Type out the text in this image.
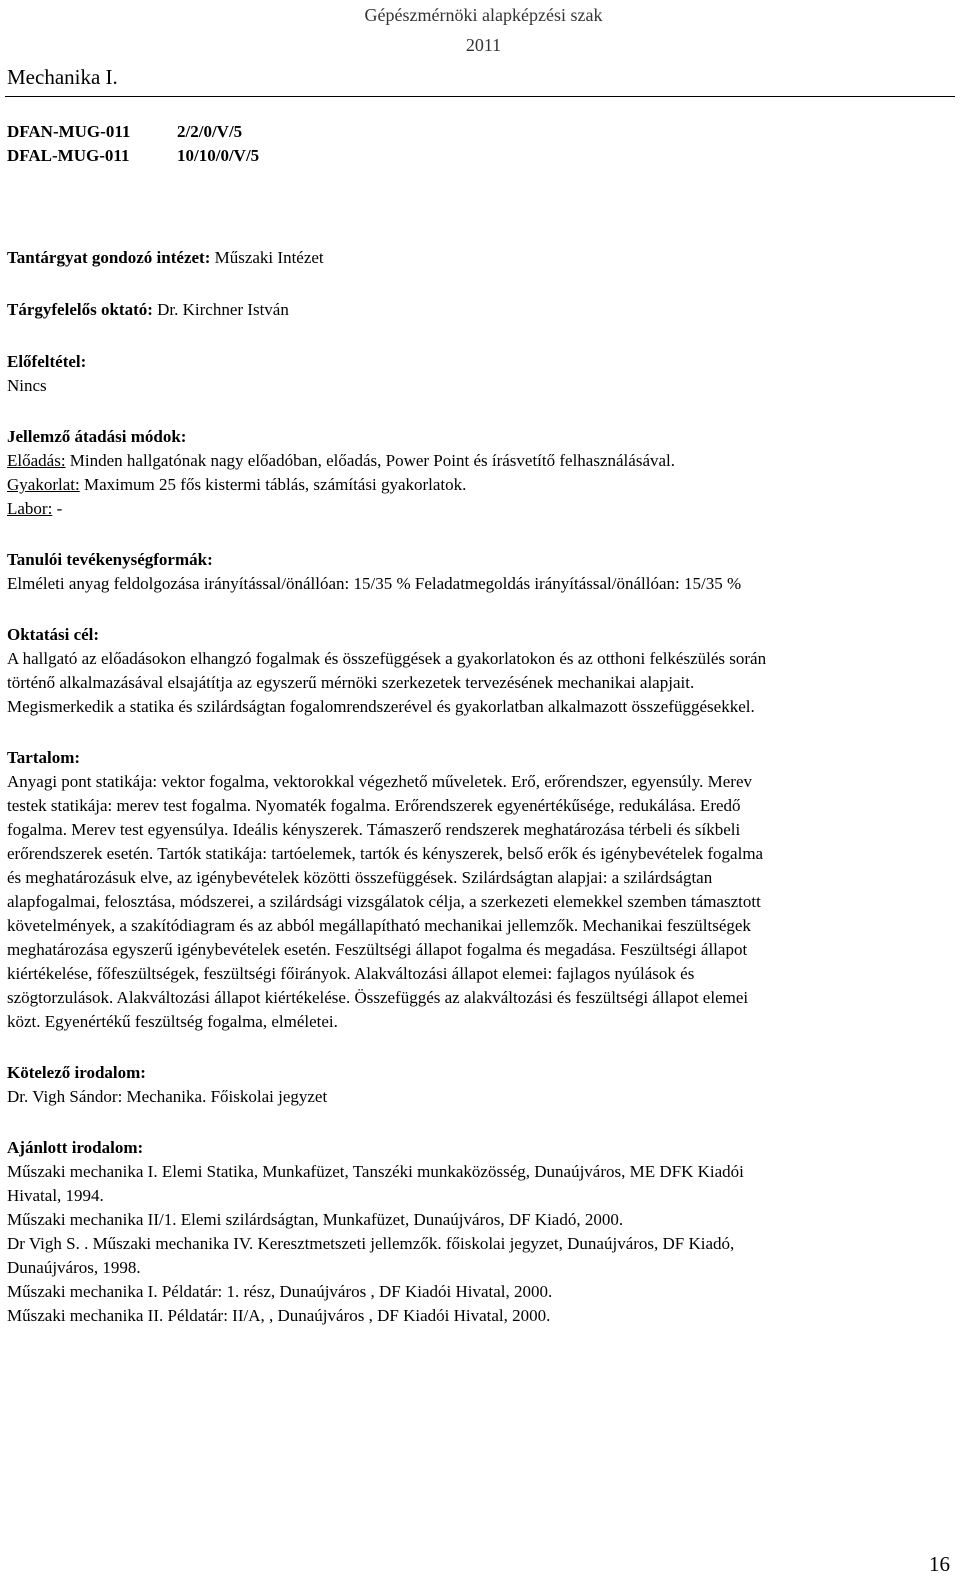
Gépészmérnöki alapképzési szak
2011
Mechanika I.
DFAN-MUG-011	2/2/0/V/5
DFAL-MUG-011	10/10/0/V/5
Tantárgyat gondozó intézet: Műszaki Intézet
Tárgyfelelős oktató: Dr. Kirchner István
Előfeltétel:
Nincs
Jellemző átadási módok:
Előadás: Minden hallgatónak nagy előadóban, előadás, Power Point és írásvetítő felhasználásával.
Gyakorlat: Maximum 25 fős kistermi táblás, számítási gyakorlatok.
Labor: -
Tanulói tevékenységformák:
Elméleti anyag feldolgozása irányítással/önállóan: 15/35 % Feladatmegoldás irányítással/önállóan: 15/35 %
Oktatási cél:
A hallgató az előadásokon elhangzó fogalmak és összefüggések a gyakorlatokon és az otthoni felkészülés során
történő alkalmazásával elsajátítja az egyszerű mérnöki szerkezetek tervezésének mechanikai alapjait.
Megismerkedik a statika és szilárdságtan fogalomrendszerével és gyakorlatban alkalmazott összefüggésekkel.
Tartalom:
Anyagi pont statikája: vektor fogalma, vektorokkal végezhető műveletek. Erő, erőrendszer, egyensúly. Merev
testek statikája: merev test fogalma. Nyomaték fogalma. Erőrendszerek egyenértékűsége, redukálása. Eredő
fogalma. Merev test egyensúlya. Ideális kényszerek. Támaszerő rendszerek meghatározása térbeli és síkbeli
erőrendszerek esetén. Tartók statikája: tartóelemek, tartók és kényszerek, belső erők és igénybevételek fogalma
és meghatározásuk elve, az igénybevételek közötti összefüggések. Szilárdságtan alapjai: a szilárdságtan
alapfogalmai, felosztása, módszerei, a szilárdsági vizsgálatok célja, a szerkezeti elemekkel szemben támasztott
követelmények, a szakítódiagram és az abból megállapítható mechanikai jellemzők. Mechanikai feszültségek
meghatározása egyszerű igénybevételek esetén. Feszültségi állapot fogalma és megadása. Feszültségi állapot
kiértékelése, főfeszültségek, feszültségi főirányok. Alakváltozási állapot elemei: fajlagos nyúlások és
szögtorzulások. Alakváltozási állapot kiértékelése. Összefüggés az alakváltozási és feszültségi állapot elemei
közt. Egyenértékű feszültség fogalma, elméletei.
Kötelező irodalom:
Dr. Vigh Sándor: Mechanika. Főiskolai jegyzet
Ajánlott irodalom:
Műszaki mechanika I. Elemi Statika, Munkafüzet, Tanszéki munkaközösség, Dunaújváros, ME DFK Kiadói
Hivatal, 1994.
Műszaki mechanika II/1. Elemi szilárdságtan, Munkafüzet, Dunaújváros, DF Kiadó, 2000.
Dr Vigh S. . Műszaki mechanika IV. Keresztmetszeti jellemzők. főiskolai jegyzet, Dunaújváros, DF Kiadó,
Dunaújváros, 1998.
Műszaki mechanika I. Példatár: 1. rész, Dunaújváros , DF Kiadói Hivatal, 2000.
Műszaki mechanika II. Példatár: II/A, , Dunaújváros , DF Kiadói Hivatal, 2000.
16
